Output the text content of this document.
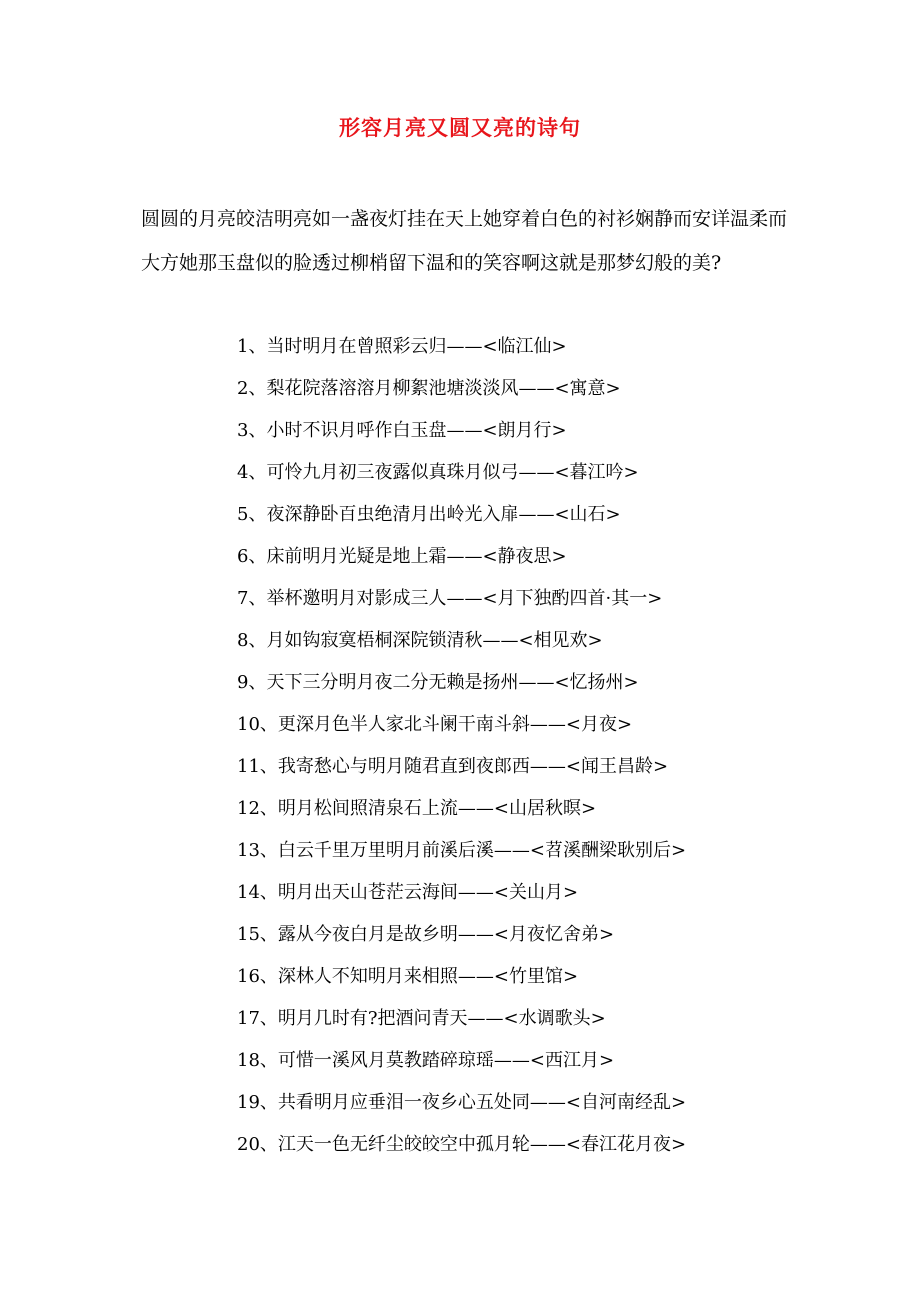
形容月亮又圆又亮的诗句

圆圆的月亮皎洁明亮如一盏夜灯挂在天上她穿着白色的衬衫娴静而安详温柔而大方她那玉盘似的脸透过柳梢留下温和的笑容啊这就是那梦幻般的美?

1、当时明月在曾照彩云归——<临江仙>
2、梨花院落溶溶月柳絮池塘淡淡风——<寓意>
3、小时不识月呼作白玉盘——<朗月行>
4、可怜九月初三夜露似真珠月似弓——<暮江吟>
5、夜深静卧百虫绝清月出岭光入扉——<山石>
6、床前明月光疑是地上霜——<静夜思>
7、举杯邀明月对影成三人——<月下独酌四首·其一>
8、月如钩寂寞梧桐深院锁清秋——<相见欢>
9、天下三分明月夜二分无赖是扬州——<忆扬州>
10、更深月色半人家北斗阑干南斗斜——<月夜>
11、我寄愁心与明月随君直到夜郎西——<闻王昌龄>
12、明月松间照清泉石上流——<山居秋暝>
13、白云千里万里明月前溪后溪——<苕溪酬梁耿别后>
14、明月出天山苍茫云海间——<关山月>
15、露从今夜白月是故乡明——<月夜忆舍弟>
16、深林人不知明月来相照——<竹里馆>
17、明月几时有?把酒问青天——<水调歌头>
18、可惜一溪风月莫教踏碎琼瑶——<西江月>
19、共看明月应垂泪一夜乡心五处同——<自河南经乱>
20、江天一色无纤尘皎皎空中孤月轮——<春江花月夜>
